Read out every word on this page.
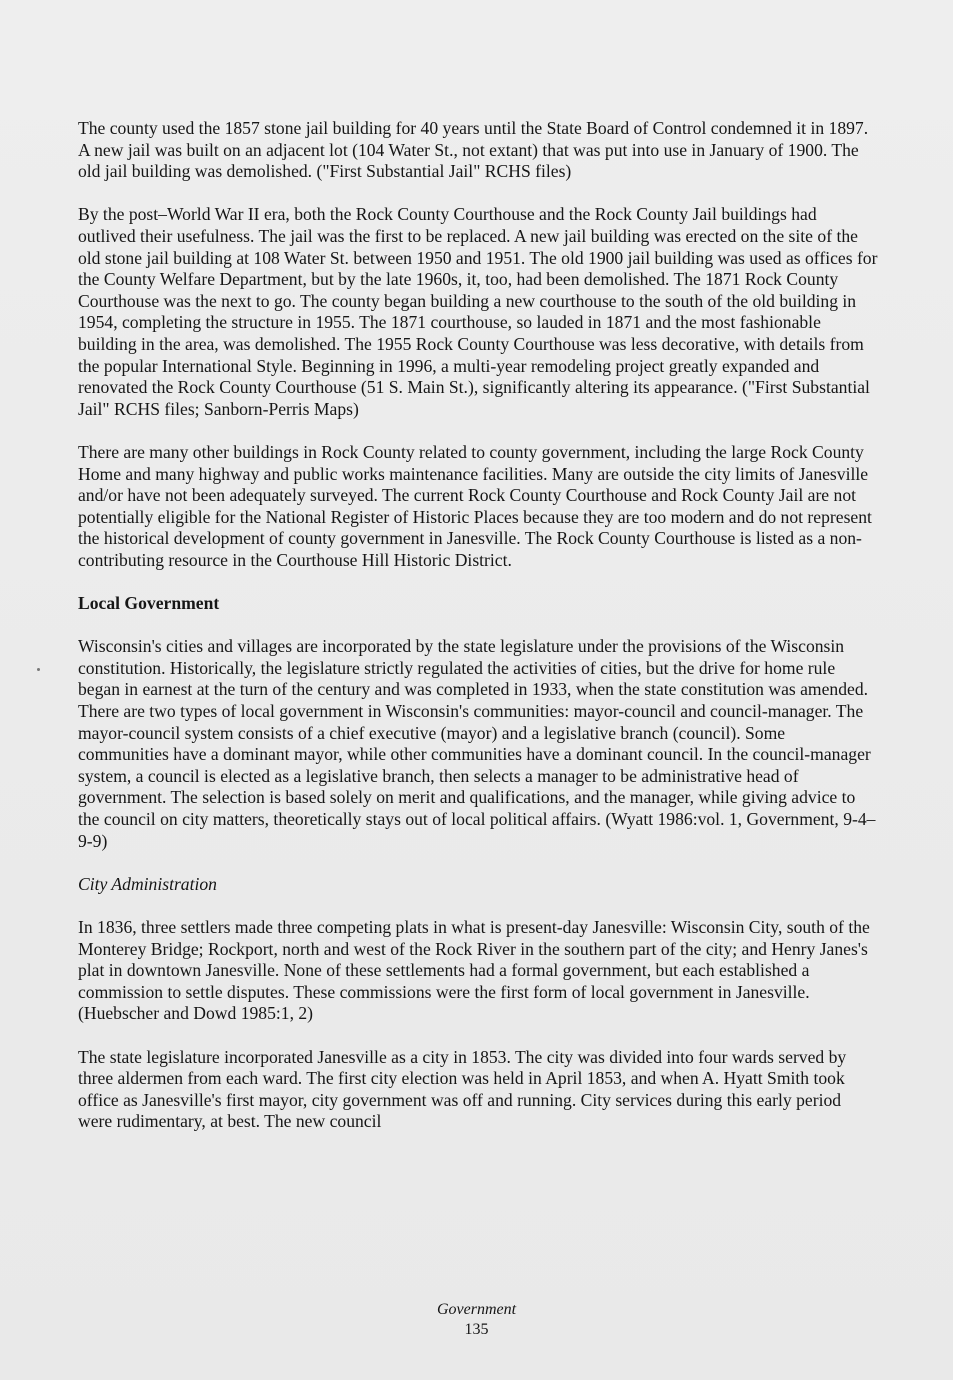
The county used the 1857 stone jail building for 40 years until the State Board of Control condemned it in 1897. A new jail was built on an adjacent lot (104 Water St., not extant) that was put into use in January of 1900. The old jail building was demolished. ("First Substantial Jail" RCHS files)

By the post–World War II era, both the Rock County Courthouse and the Rock County Jail buildings had outlived their usefulness. The jail was the first to be replaced. A new jail building was erected on the site of the old stone jail building at 108 Water St. between 1950 and 1951. The old 1900 jail building was used as offices for the County Welfare Department, but by the late 1960s, it, too, had been demolished. The 1871 Rock County Courthouse was the next to go. The county began building a new courthouse to the south of the old building in 1954, completing the structure in 1955. The 1871 courthouse, so lauded in 1871 and the most fashionable building in the area, was demolished. The 1955 Rock County Courthouse was less decorative, with details from the popular International Style. Beginning in 1996, a multi-year remodeling project greatly expanded and renovated the Rock County Courthouse (51 S. Main St.), significantly altering its appearance. ("First Substantial Jail" RCHS files; Sanborn-Perris Maps)

There are many other buildings in Rock County related to county government, including the large Rock County Home and many highway and public works maintenance facilities. Many are outside the city limits of Janesville and/or have not been adequately surveyed. The current Rock County Courthouse and Rock County Jail are not potentially eligible for the National Register of Historic Places because they are too modern and do not represent the historical development of county government in Janesville. The Rock County Courthouse is listed as a non-contributing resource in the Courthouse Hill Historic District.

Local Government

Wisconsin's cities and villages are incorporated by the state legislature under the provisions of the Wisconsin constitution. Historically, the legislature strictly regulated the activities of cities, but the drive for home rule began in earnest at the turn of the century and was completed in 1933, when the state constitution was amended. There are two types of local government in Wisconsin's communities: mayor-council and council-manager. The mayor-council system consists of a chief executive (mayor) and a legislative branch (council). Some communities have a dominant mayor, while other communities have a dominant council. In the council-manager system, a council is elected as a legislative branch, then selects a manager to be administrative head of government. The selection is based solely on merit and qualifications, and the manager, while giving advice to the council on city matters, theoretically stays out of local political affairs. (Wyatt 1986:vol. 1, Government, 9-4–9-9)

City Administration

In 1836, three settlers made three competing plats in what is present-day Janesville: Wisconsin City, south of the Monterey Bridge; Rockport, north and west of the Rock River in the southern part of the city; and Henry Janes's plat in downtown Janesville. None of these settlements had a formal government, but each established a commission to settle disputes. These commissions were the first form of local government in Janesville. (Huebscher and Dowd 1985:1, 2)

The state legislature incorporated Janesville as a city in 1853. The city was divided into four wards served by three aldermen from each ward. The first city election was held in April 1853, and when A. Hyatt Smith took office as Janesville's first mayor, city government was off and running. City services during this early period were rudimentary, at best. The new council

Government
135
